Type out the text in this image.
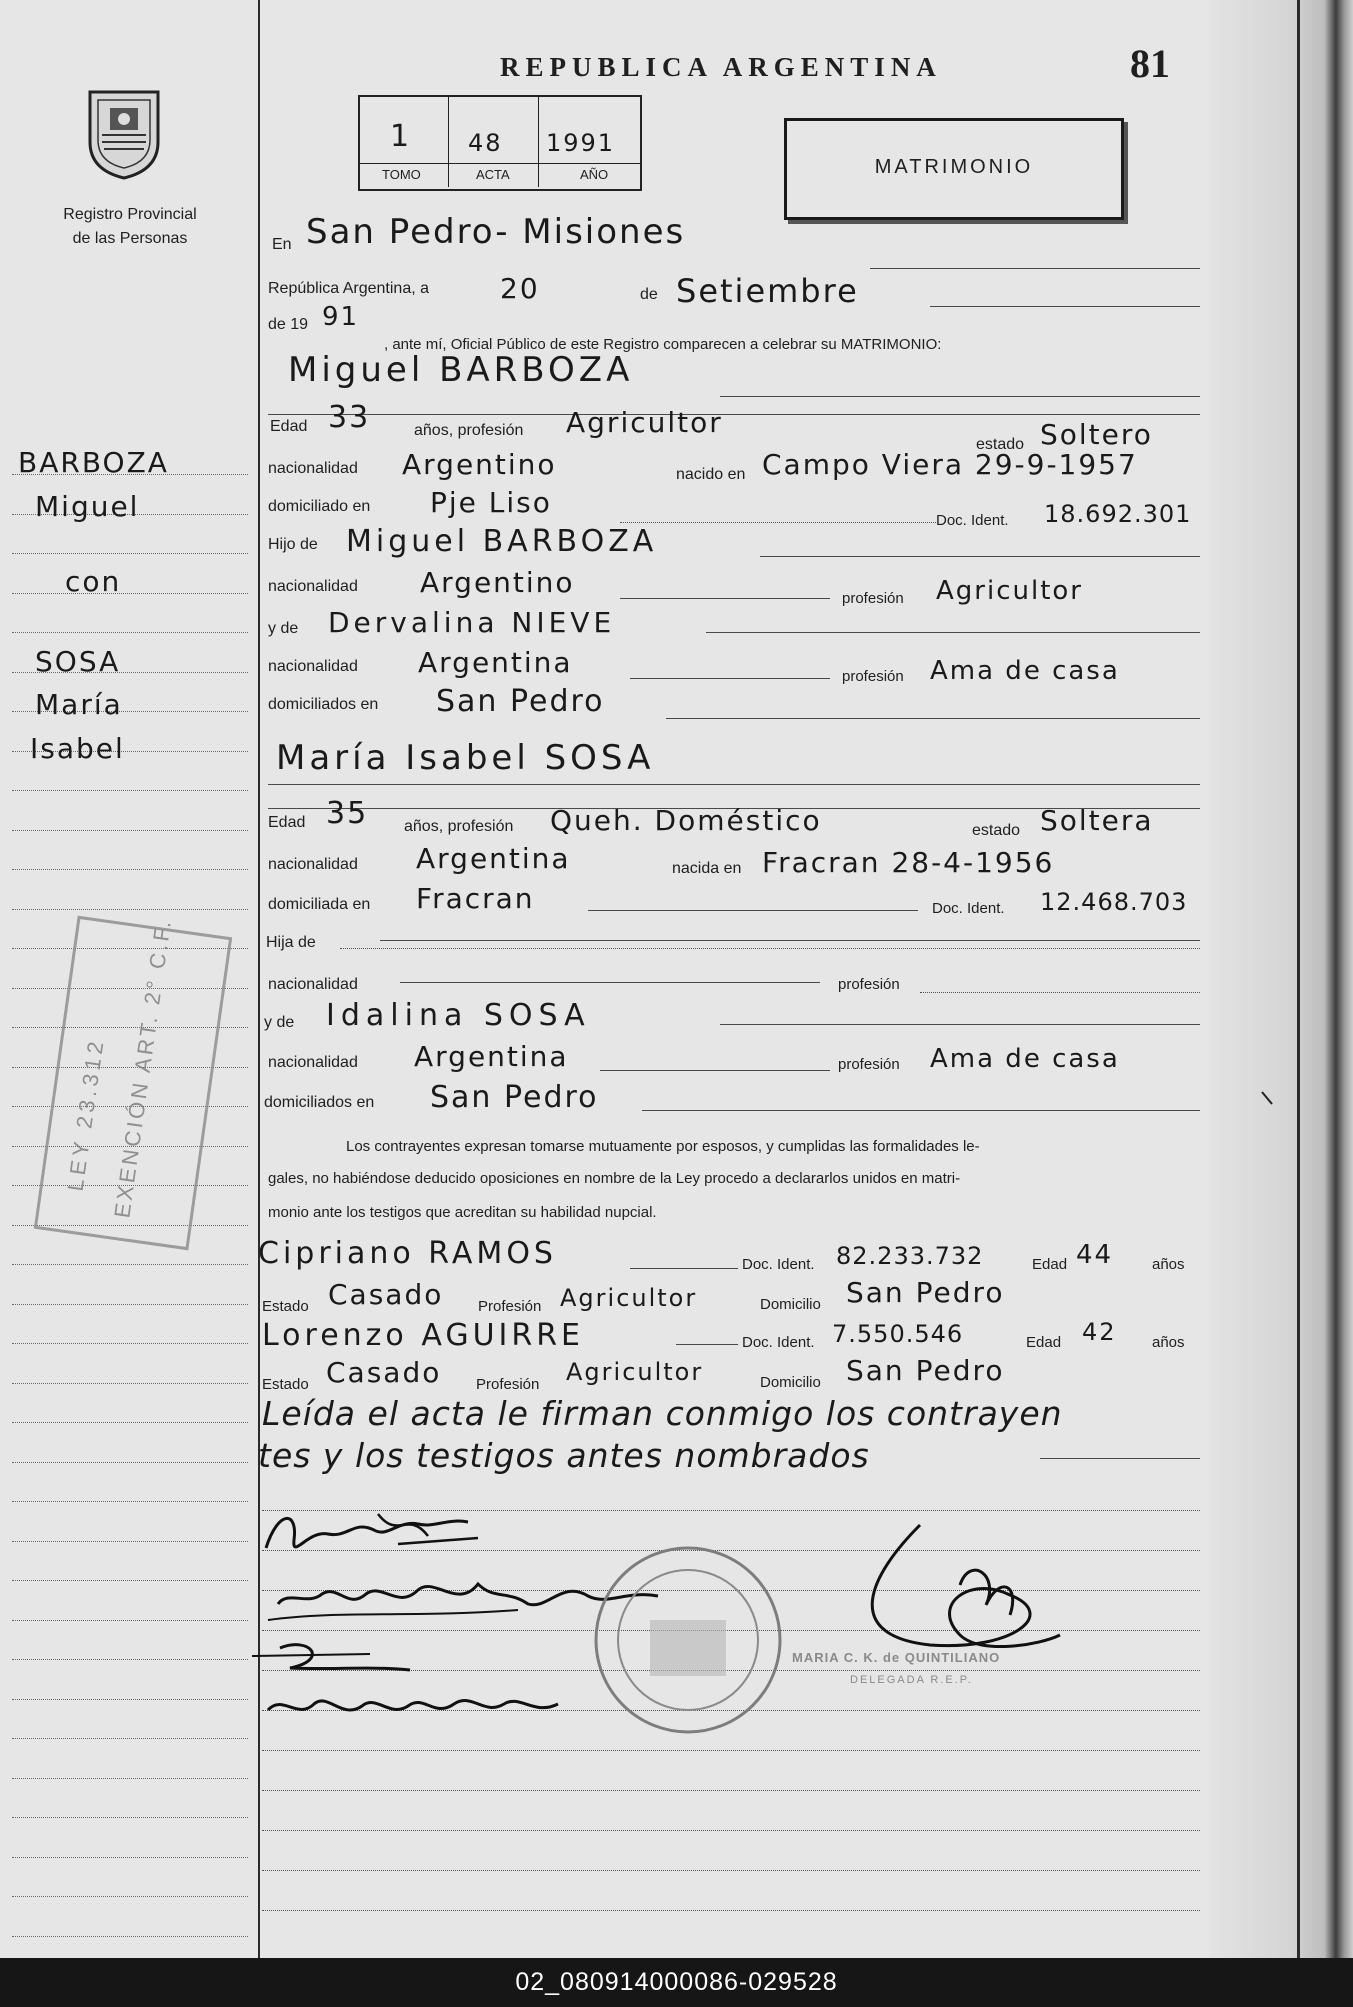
Registro Provincial
de las Personas
BARBOZA
Miguel
con
SOSA
María
Isabel
LEY 23.312 EXENCIÓN ART. 2° C.F.
REPUBLICA ARGENTINA	81
1 48 1991
TOMO	ACTA	AÑO	MATRIMONIO
En San Pedro- Misiones
República Argentina, a	20	de Setiembre
de 19 91
, ante mí, Oficial Público de este Registro comparecen a celebrar su MATRIMONIO:
Miguel BARBOZA
Edad 33	años, profesión Agricultor
estado Soltero
nacionalidad Argentino	nacido en Campo Viera 29-9-1957
domiciliado en Pje Liso
Doc. Ident. 18.692.301
Hijo de Miguel BARBOZA
nacionalidad Argentino	profesión Agricultor
y de Dervalina NIEVE
nacionalidad Argentina	profesión Ama de casa
domiciliados en San Pedro
María Isabel SOSA
Edad 35 años, profesión Queh. Doméstico	estado Soltera
nacionalidad Argentina	nacida en Fracran 28-4-1956
domiciliada en Fracran	Doc. Ident. 12.468.703
Hija de
nacionalidad	profesión
y de Idalina SOSA
nacionalidad Argentina	profesión Ama de casa
domiciliados en San Pedro
Los contrayentes expresan tomarse mutuamente por esposos, y cumplidas las formalidades le-
gales, no habiéndose deducido oposiciones en nombre de la Ley procedo a declararlos unidos en matri-
monio ante los testigos que acreditan su habilidad nupcial.
Cipriano RAMOS	Doc. Ident. 82.233.732	Edad 44	años
Estado Casado Profesión Agricultor	Domicilio San Pedro
Lorenzo AGUIRRE	Doc. Ident. 7.550.546	Edad 42 años
Estado Casado Profesión Agricultor	Domicilio San Pedro
Leída el acta le firman conmigo los contrayen
tes y los testigos antes nombrados
MARIA C. K. de QUINTILIANO
DELEGADA R.E.P.
02_080914000086-029528
